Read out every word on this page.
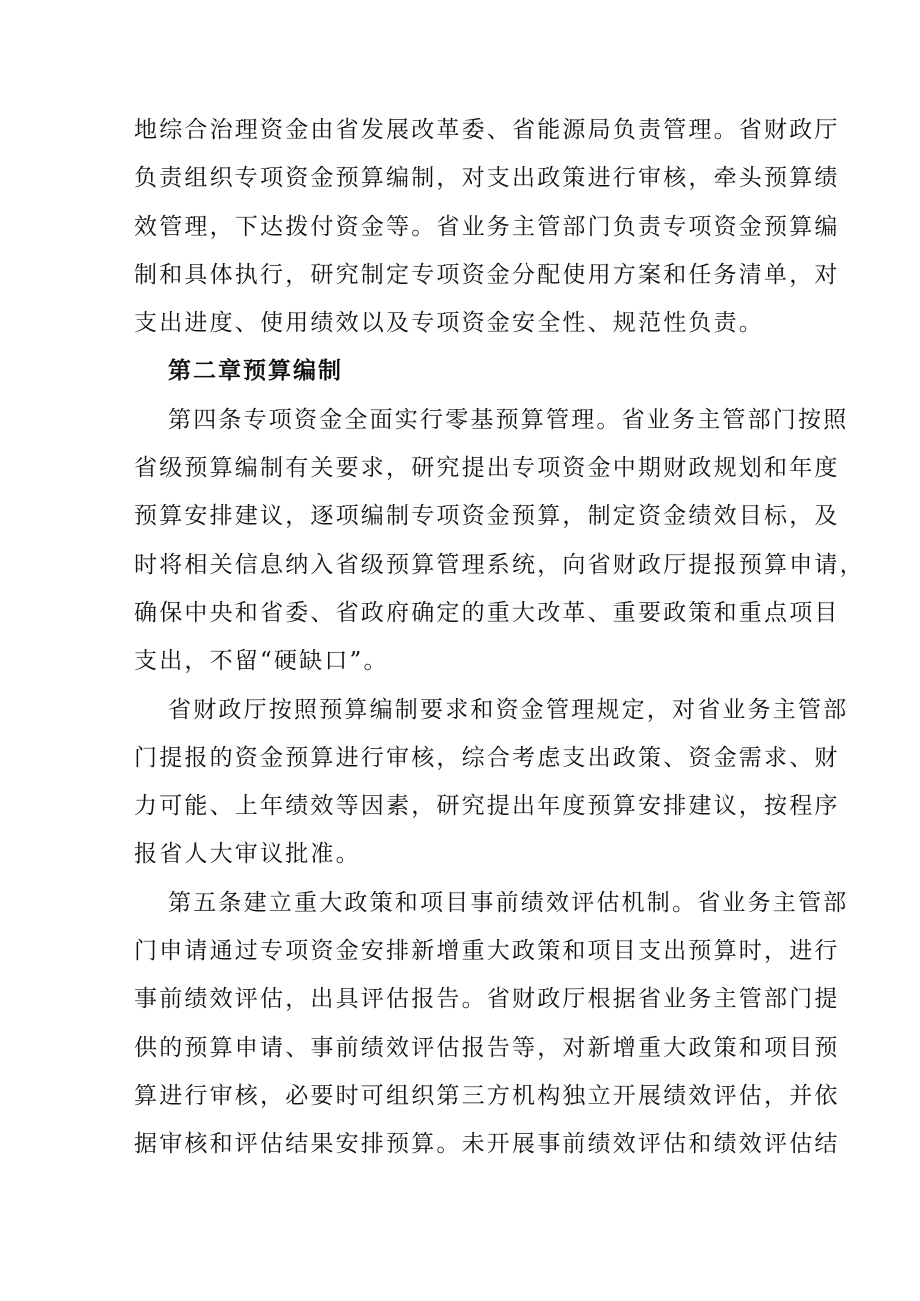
地综合治理资金由省发展改革委、省能源局负责管理。省财政厅
负责组织专项资金预算编制，对支出政策进行审核，牵头预算绩
效管理，下达拨付资金等。省业务主管部门负责专项资金预算编
制和具体执行，研究制定专项资金分配使用方案和任务清单，对
支出进度、使用绩效以及专项资金安全性、规范性负责。
第二章预算编制
第四条专项资金全面实行零基预算管理。省业务主管部门按照
省级预算编制有关要求，研究提出专项资金中期财政规划和年度
预算安排建议，逐项编制专项资金预算，制定资金绩效目标，及
时将相关信息纳入省级预算管理系统，向省财政厅提报预算申请，
确保中央和省委、省政府确定的重大改革、重要政策和重点项目
支出，不留“硬缺口”。
省财政厅按照预算编制要求和资金管理规定，对省业务主管部
门提报的资金预算进行审核，综合考虑支出政策、资金需求、财
力可能、上年绩效等因素，研究提出年度预算安排建议，按程序
报省人大审议批准。
第五条建立重大政策和项目事前绩效评估机制。省业务主管部
门申请通过专项资金安排新增重大政策和项目支出预算时，进行
事前绩效评估，出具评估报告。省财政厅根据省业务主管部门提
供的预算申请、事前绩效评估报告等，对新增重大政策和项目预
算进行审核，必要时可组织第三方机构独立开展绩效评估，并依
据审核和评估结果安排预算。未开展事前绩效评估和绩效评估结
